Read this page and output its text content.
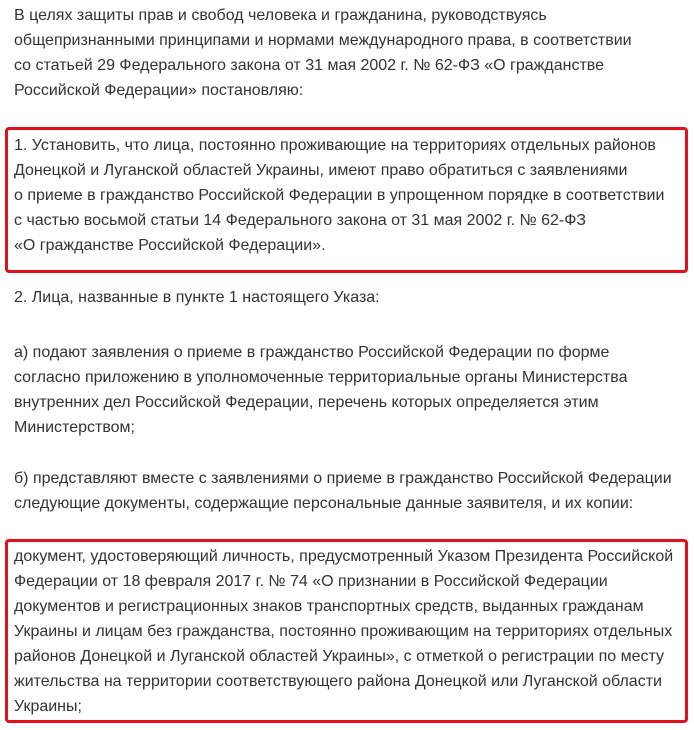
В целях защиты прав и свобод человека и гражданина, руководствуясь
общепризнанными принципами и нормами международного права, в соответствии
со статьей 29 Федерального закона от 31 мая 2002 г. № 62-ФЗ «О гражданстве
Российской Федерации» постановляю:

1. Установить, что лица, постоянно проживающие на территориях отдельных районов
Донецкой и Луганской областей Украины, имеют право обратиться с заявлениями
о приеме в гражданство Российской Федерации в упрощенном порядке в соответствии
с частью восьмой статьи 14 Федерального закона от 31 мая 2002 г. № 62-ФЗ
«О гражданстве Российской Федерации».

2. Лица, названные в пункте 1 настоящего Указа:

а) подают заявления о приеме в гражданство Российской Федерации по форме
согласно приложению в уполномоченные территориальные органы Министерства
внутренних дел Российской Федерации, перечень которых определяется этим
Министерством;

б) представляют вместе с заявлениями о приеме в гражданство Российской Федерации
следующие документы, содержащие персональные данные заявителя, и их копии:

документ, удостоверяющий личность, предусмотренный Указом Президента Российской
Федерации от 18 февраля 2017 г. № 74 «О признании в Российской Федерации
документов и регистрационных знаков транспортных средств, выданных гражданам
Украины и лицам без гражданства, постоянно проживающим на территориях отдельных
районов Донецкой и Луганской областей Украины», с отметкой о регистрации по месту
жительства на территории соответствующего района Донецкой или Луганской области
Украины;
